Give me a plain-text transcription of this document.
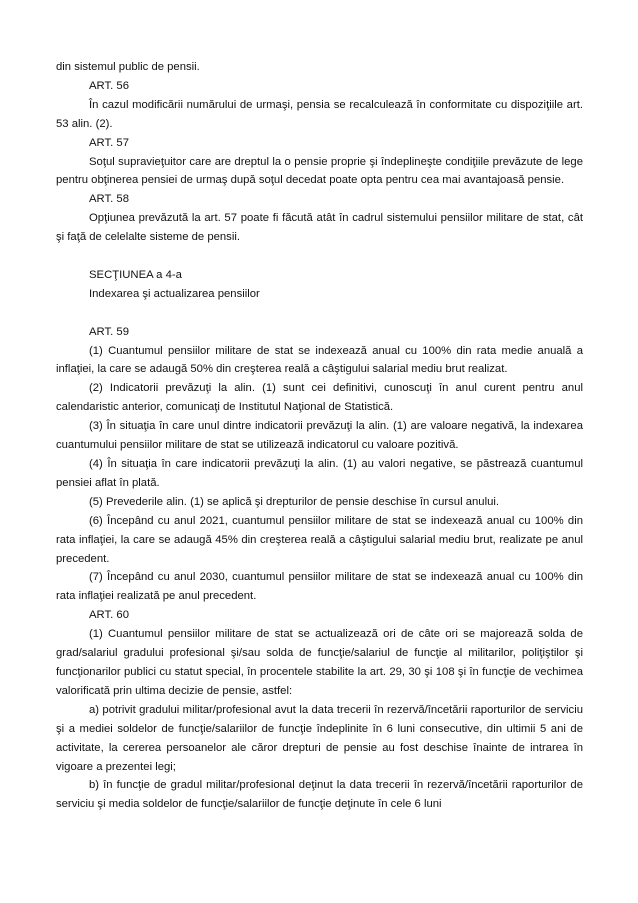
din sistemul public de pensii.

ART. 56

În cazul modificării numărului de urmaşi, pensia se recalculează în conformitate cu dispoziţiile art. 53 alin. (2).

ART. 57

Soţul supravieţuitor care are dreptul la o pensie proprie şi îndeplineşte condiţiile prevăzute de lege pentru obţinerea pensiei de urmaş după soţul decedat poate opta pentru cea mai avantajoasă pensie.

ART. 58

Opţiunea prevăzută la art. 57 poate fi făcută atât în cadrul sistemului pensiilor militare de stat, cât şi faţă de celelalte sisteme de pensii.

SECŢIUNEA a 4-a

Indexarea şi actualizarea pensiilor

ART. 59

(1) Cuantumul pensiilor militare de stat se indexează anual cu 100% din rata medie anuală a inflaţiei, la care se adaugă 50% din creşterea reală a câştigului salarial mediu brut realizat.

(2) Indicatorii prevăzuţi la alin. (1) sunt cei definitivi, cunoscuţi în anul curent pentru anul calendaristic anterior, comunicaţi de Institutul Naţional de Statistică.

(3) În situaţia în care unul dintre indicatorii prevăzuţi la alin. (1) are valoare negativă, la indexarea cuantumului pensiilor militare de stat se utilizează indicatorul cu valoare pozitivă.

(4) În situaţia în care indicatorii prevăzuţi la alin. (1) au valori negative, se păstrează cuantumul pensiei aflat în plată.

(5) Prevederile alin. (1) se aplică şi drepturilor de pensie deschise în cursul anului.

(6) Începând cu anul 2021, cuantumul pensiilor militare de stat se indexează anual cu 100% din rata inflaţiei, la care se adaugă 45% din creşterea reală a câştigului salarial mediu brut, realizate pe anul precedent.

(7) Începând cu anul 2030, cuantumul pensiilor militare de stat se indexează anual cu 100% din rata inflaţiei realizată pe anul precedent.

ART. 60

(1) Cuantumul pensiilor militare de stat se actualizează ori de câte ori se majorează solda de grad/salariul gradului profesional şi/sau solda de funcţie/salariul de funcţie al militarilor, poliţiştilor şi funcţionarilor publici cu statut special, în procentele stabilite la art. 29, 30 şi 108 şi în funcţie de vechimea valorificată prin ultima decizie de pensie, astfel:

a) potrivit gradului militar/profesional avut la data trecerii în rezervă/încetării raporturilor de serviciu şi a mediei soldelor de funcţie/salariilor de funcţie îndeplinite în 6 luni consecutive, din ultimii 5 ani de activitate, la cererea persoanelor ale căror drepturi de pensie au fost deschise înainte de intrarea în vigoare a prezentei legi;

b) în funcţie de gradul militar/profesional deţinut la data trecerii în rezervă/încetării raporturilor de serviciu şi media soldelor de funcţie/salariilor de funcţie deţinute în cele 6 luni
